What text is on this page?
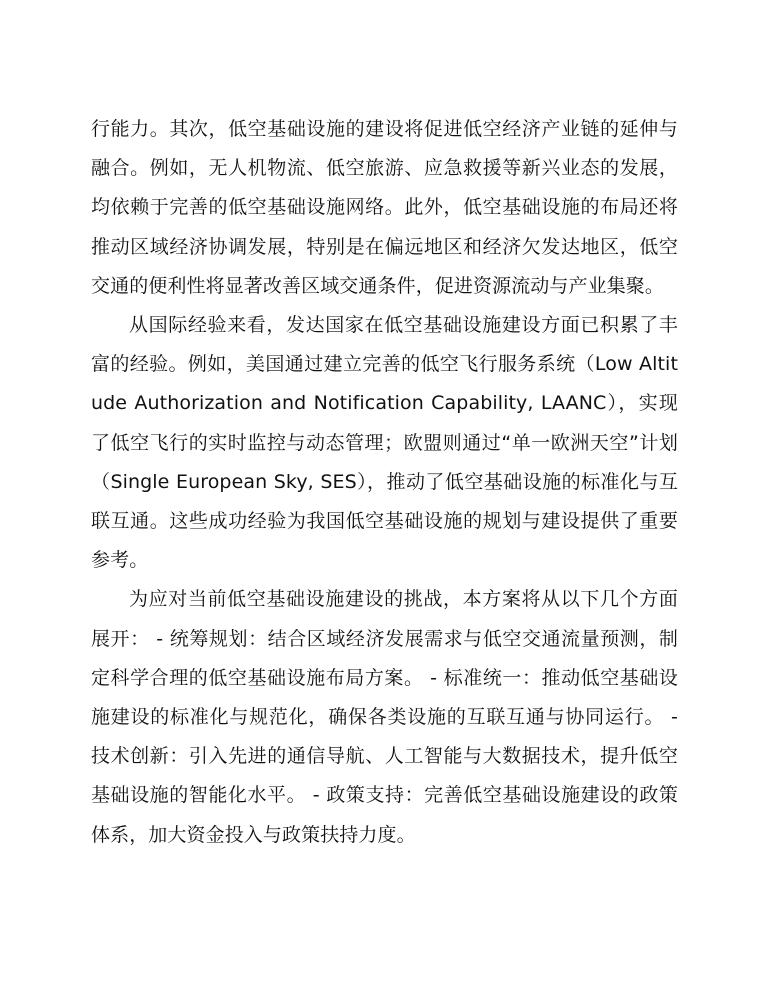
行能力。其次，低空基础设施的建设将促进低空经济产业链的延伸与融合。例如，无人机物流、低空旅游、应急救援等新兴业态的发展，均依赖于完善的低空基础设施网络。此外，低空基础设施的布局还将推动区域经济协调发展，特别是在偏远地区和经济欠发达地区，低空交通的便利性将显著改善区域交通条件，促进资源流动与产业集聚。

从国际经验来看，发达国家在低空基础设施建设方面已积累了丰富的经验。例如，美国通过建立完善的低空飞行服务系统（Low Altitude Authorization and Notification Capability, LAANC），实现了低空飞行的实时监控与动态管理；欧盟则通过“单一欧洲天空”计划（Single European Sky, SES），推动了低空基础设施的标准化与互联互通。这些成功经验为我国低空基础设施的规划与建设提供了重要参考。

为应对当前低空基础设施建设的挑战，本方案将从以下几个方面展开： - 统筹规划：结合区域经济发展需求与低空交通流量预测，制定科学合理的低空基础设施布局方案。 - 标准统一：推动低空基础设施建设的标准化与规范化，确保各类设施的互联互通与协同运行。 - 技术创新：引入先进的通信导航、人工智能与大数据技术，提升低空基础设施的智能化水平。 - 政策支持：完善低空基础设施建设的政策体系，加大资金投入与政策扶持力度。
